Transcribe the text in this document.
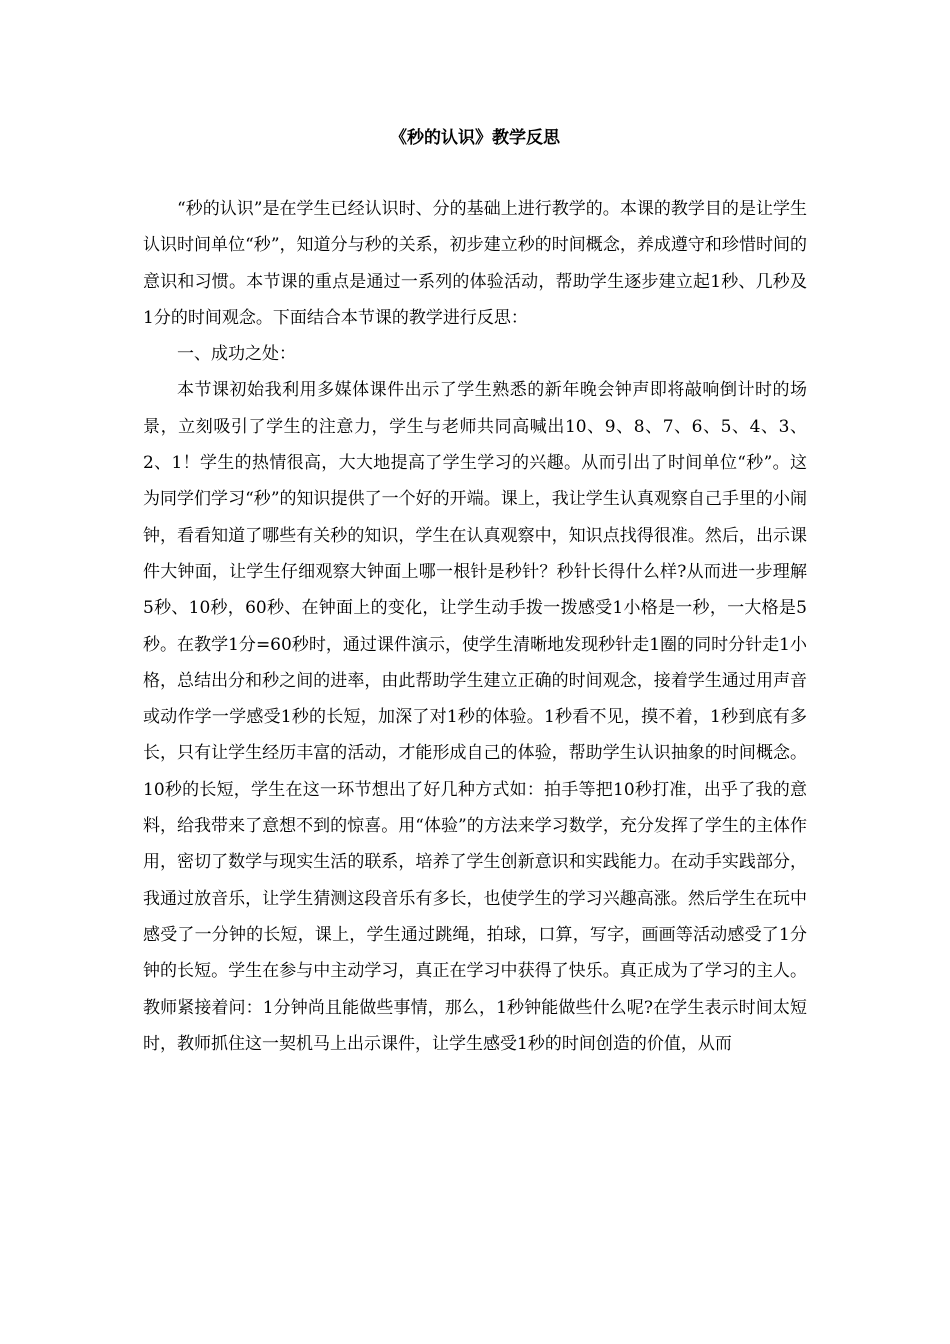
《秒的认识》教学反思

“秒的认识”是在学生已经认识时、分的基础上进行教学的。本课的教学目的是让学生认识时间单位“秒”，知道分与秒的关系，初步建立秒的时间概念，养成遵守和珍惜时间的意识和习惯。本节课的重点是通过一系列的体验活动，帮助学生逐步建立起1秒、几秒及1分的时间观念。下面结合本节课的教学进行反思：

一、成功之处：

本节课初始我利用多媒体课件出示了学生熟悉的新年晚会钟声即将敲响倒计时的场景，立刻吸引了学生的注意力，学生与老师共同高喊出10、9、8、7、6、5、4、3、2、1！学生的热情很高，大大地提高了学生学习的兴趣。从而引出了时间单位“秒”。这为同学们学习“秒”的知识提供了一个好的开端。课上，我让学生认真观察自己手里的小闹钟，看看知道了哪些有关秒的知识，学生在认真观察中，知识点找得很准。然后，出示课件大钟面，让学生仔细观察大钟面上哪一根针是秒针？秒针长得什么样?从而进一步理解5秒、10秒，60秒、在钟面上的变化，让学生动手拨一拨感受1小格是一秒，一大格是5秒。在教学1分=60秒时，通过课件演示，使学生清晰地发现秒针走1圈的同时分针走1小格，总结出分和秒之间的进率，由此帮助学生建立正确的时间观念，接着学生通过用声音或动作学一学感受1秒的长短，加深了对1秒的体验。1秒看不见，摸不着，1秒到底有多长，只有让学生经历丰富的活动，才能形成自己的体验，帮助学生认识抽象的时间概念。10秒的长短，学生在这一环节想出了好几种方式如：拍手等把10秒打准，出乎了我的意料，给我带来了意想不到的惊喜。用“体验”的方法来学习数学，充分发挥了学生的主体作用，密切了数学与现实生活的联系，培养了学生创新意识和实践能力。在动手实践部分，我通过放音乐，让学生猜测这段音乐有多长，也使学生的学习兴趣高涨。然后学生在玩中感受了一分钟的长短，课上，学生通过跳绳，拍球，口算，写字，画画等活动感受了1分钟的长短。学生在参与中主动学习，真正在学习中获得了快乐。真正成为了学习的主人。教师紧接着问：1分钟尚且能做些事情，那么，1秒钟能做些什么呢?在学生表示时间太短时，教师抓住这一契机马上出示课件，让学生感受1秒的时间创造的价值，从而
